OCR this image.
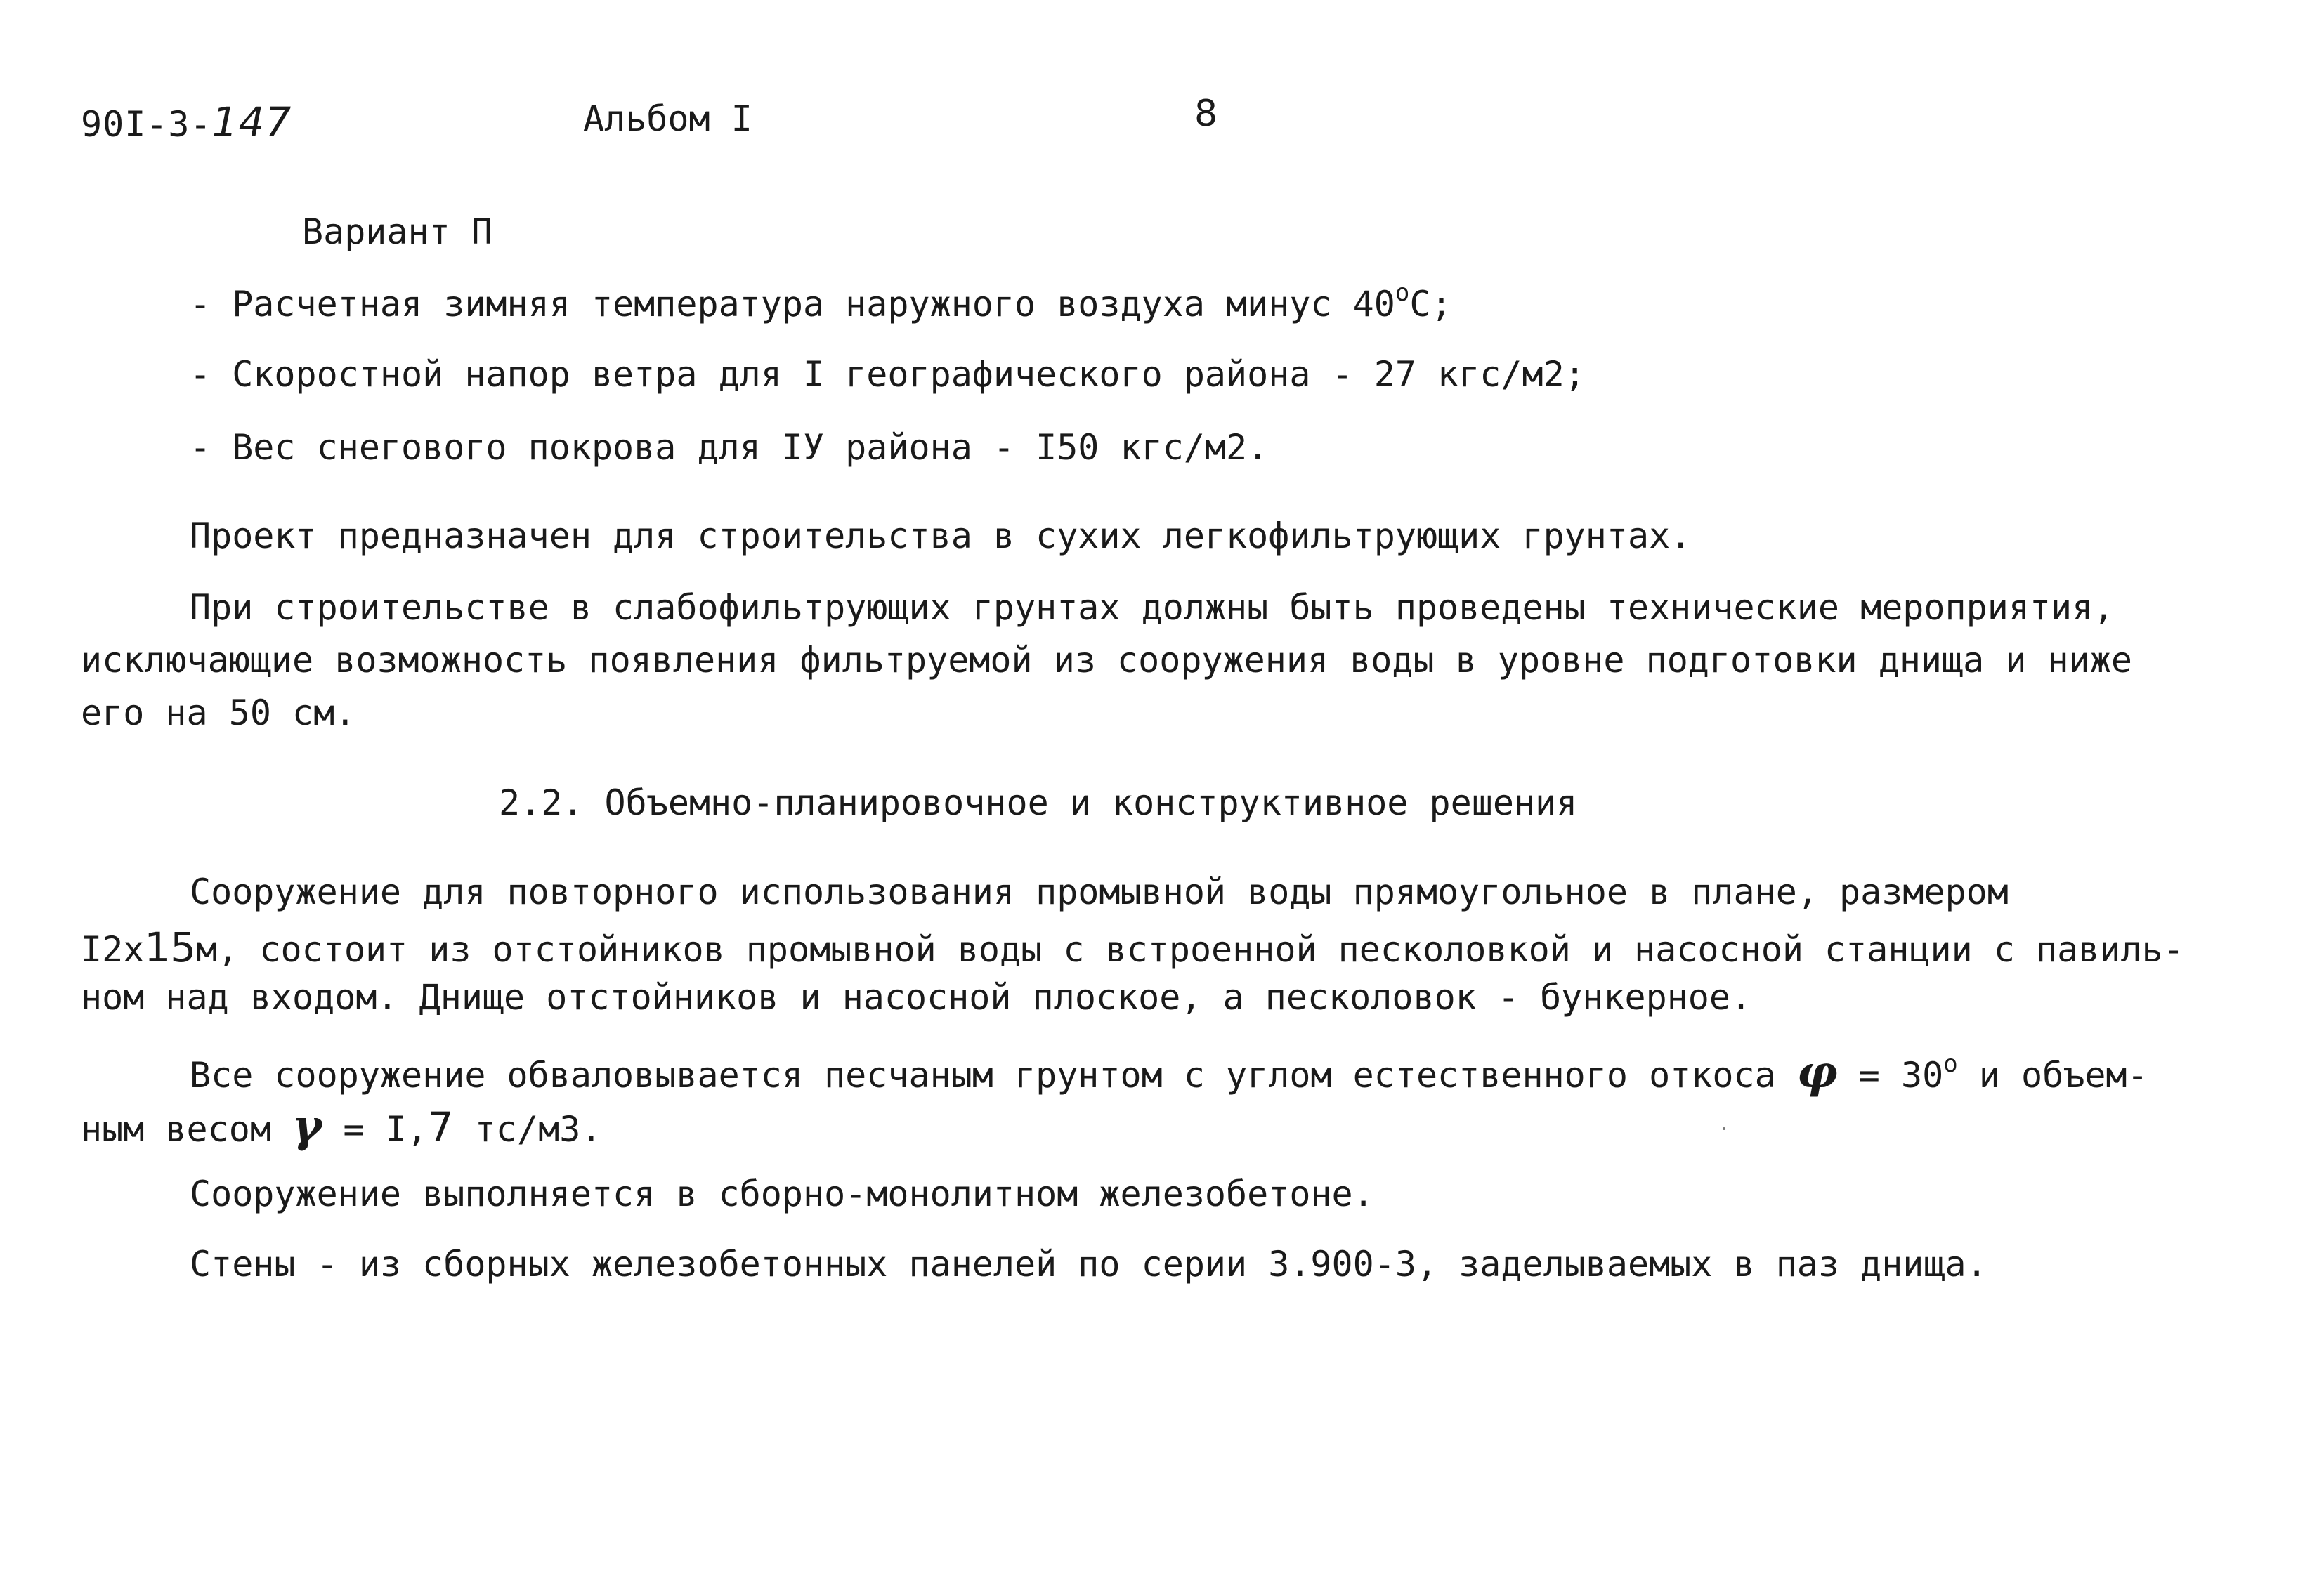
90I-3-147	Альбом I	8
Вариант П
- Расчетная зимняя температура наружного воздуха минус 40$^o$С;
- Скоростной напор ветра для I географического района - 27 кгс/м2;
- Вес снегового покрова для IУ района - I50 кгс/м2.
Проект предназначен для строительства в сухих легкофильтрующих грунтах.
При строительстве в слабофильтрующих грунтах должны быть проведены технические мероприятия,
исключающие возможность появления фильтруемой из сооружения воды в уровне подготовки днища и ниже
его на 50 см.
2.2. Объемно-планировочное и конструктивное решения
Сооружение для повторного использования промывной воды прямоугольное в плане, размером
I2x15м, состоит из отстойников промывной воды с встроенной песколовкой и насосной станции с павиль-
ном над входом. Днище отстойников и насосной плоское, а песколовок - бункерное.
Все сооружение обваловывается песчаным грунтом с углом естественного откоса $\varphi = 30^o$ и объем-
ным весом γ = I,7 тс/м3.
Сооружение выполняется в сборно-монолитном железобетоне.
Стены - из сборных железобетонных панелей по серии 3.900-3, заделываемых в паз днища.
